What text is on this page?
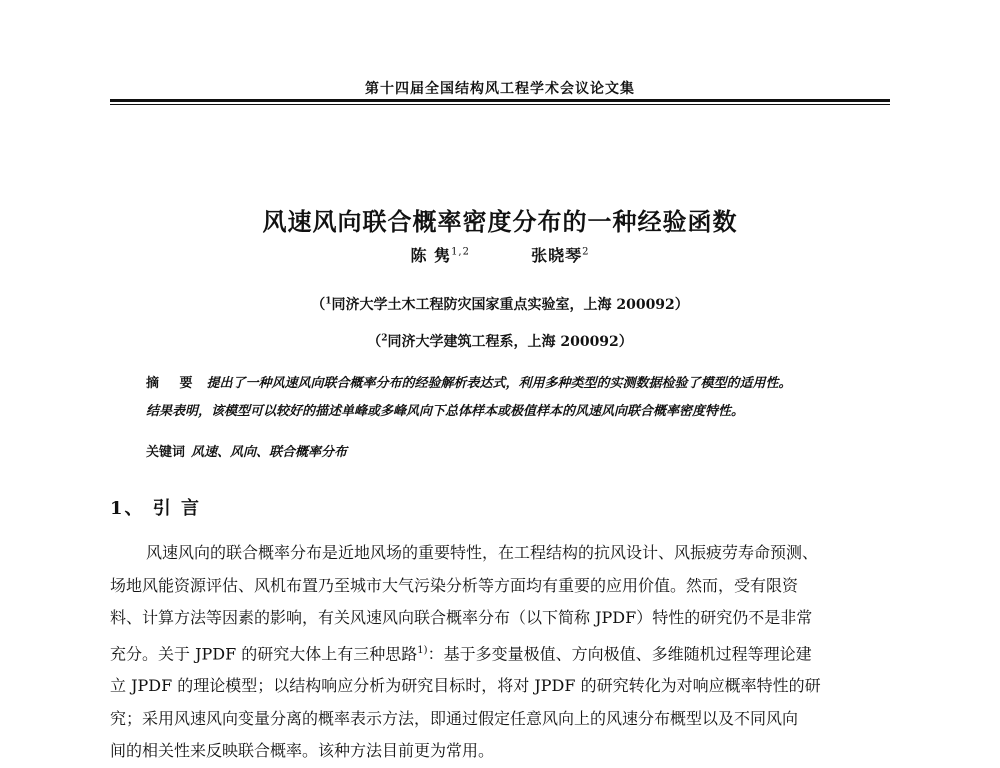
第十四届全国结构风工程学术会议论文集
风速风向联合概率密度分布的一种经验函数
陈 隽$^{1,2}$	张晓琴$^2$
（$^1$同济大学土木工程防灾国家重点实验室，上海 200092）
（$^2$同济大学建筑工程系，上海 200092）
摘 要 提出了一种风速风向联合概率分布的经验解析表达式，利用多种类型的实测数据检验了模型的适用性。
结果表明，该模型可以较好的描述单峰或多峰风向下总体样本或极值样本的风速风向联合概率密度特性。
关键词 风速、风向、联合概率分布
1、 引 言
风速风向的联合概率分布是近地风场的重要特性，在工程结构的抗风设计、风振疲劳寿命预测、
场地风能资源评估、风机布置乃至城市大气污染分析等方面均有重要的应用价值。然而，受有限资
料、计算方法等因素的影响，有关风速风向联合概率分布（以下简称 JPDF）特性的研究仍不是非常
充分。关于 JPDF 的研究大体上有三种思路$^{1)}$：基于多变量极值、方向极值、多维随机过程等理论建
立 JPDF 的理论模型；以结构响应分析为研究目标时，将对 JPDF 的研究转化为对响应概率特性的研
究；采用风速风向变量分离的概率表示方法，即通过假定任意风向上的风速分布概型以及不同风向
间的相关性来反映联合概率。该种方法目前更为常用。
